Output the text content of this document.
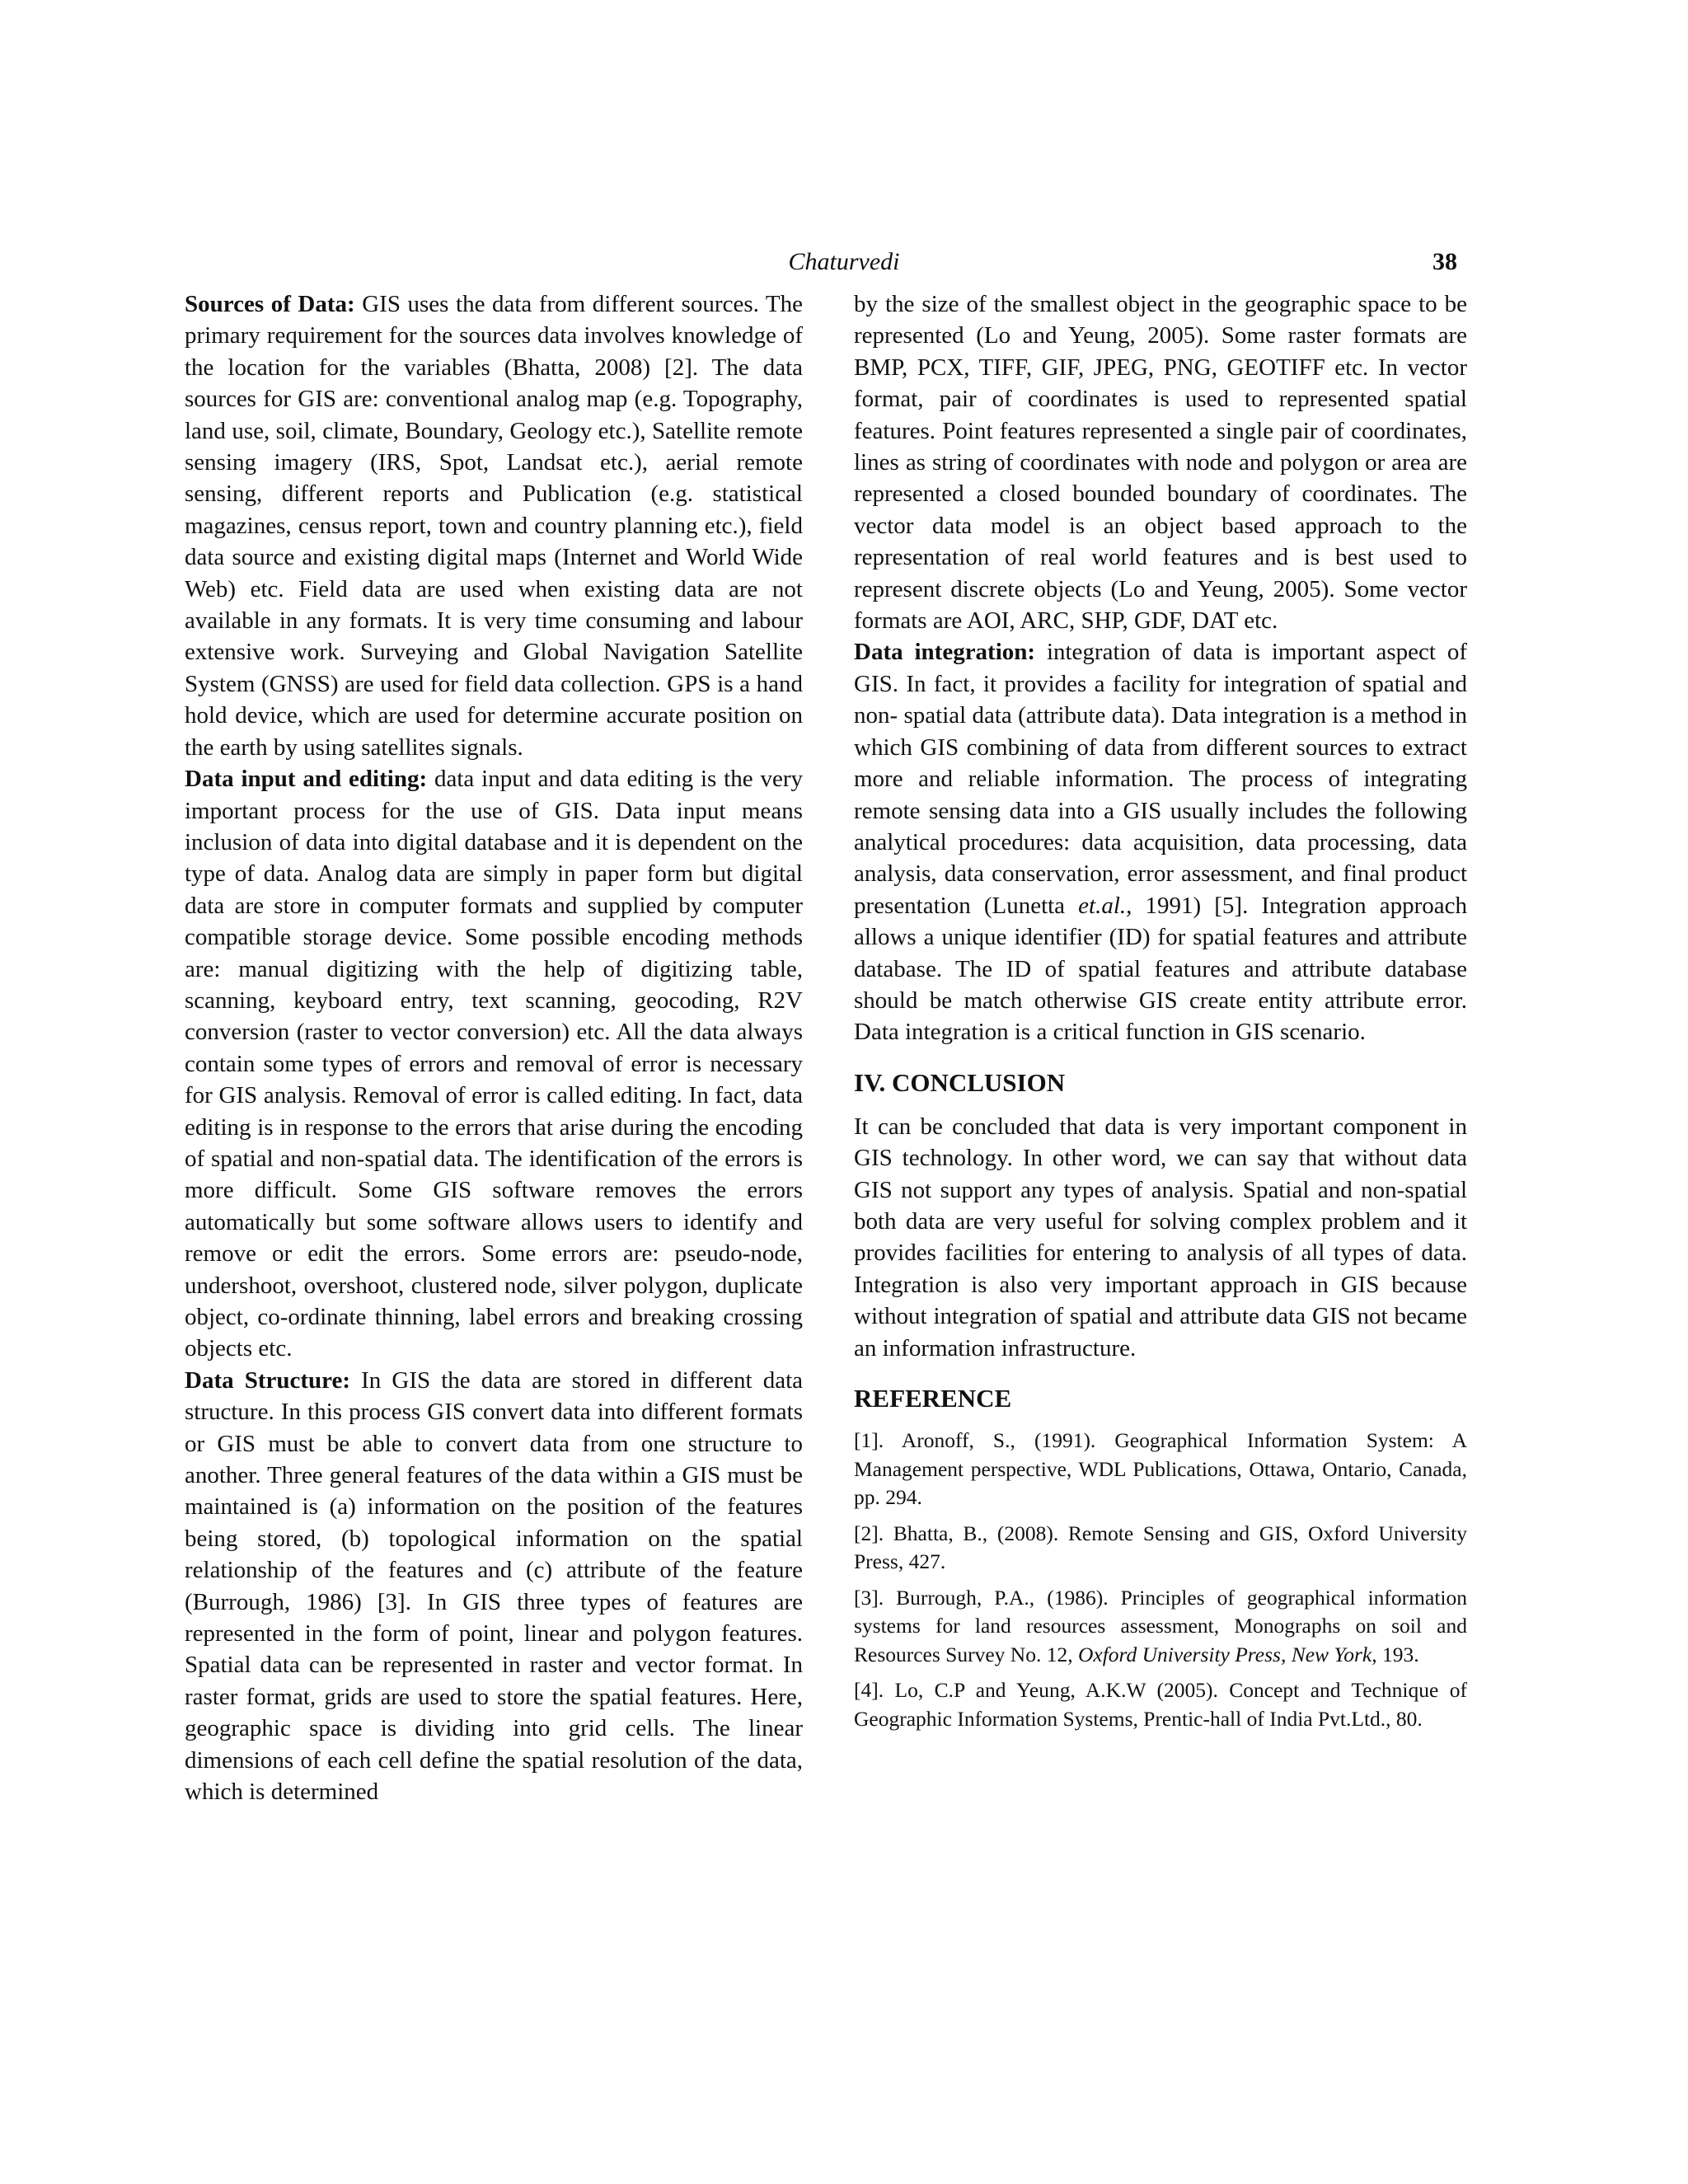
Chaturvedi	38

Sources of Data: GIS uses the data from different sources. The primary requirement for the sources data involves knowledge of the location for the variables (Bhatta, 2008) [2]. The data sources for GIS are: conventional analog map (e.g. Topography, land use, soil, climate, Boundary, Geology etc.), Satellite remote sensing imagery (IRS, Spot, Landsat etc.), aerial remote sensing, different reports and Publication (e.g. statistical magazines, census report, town and country planning etc.), field data source and existing digital maps (Internet and World Wide Web) etc. Field data are used when existing data are not available in any formats. It is very time consuming and labour extensive work. Surveying and Global Navigation Satellite System (GNSS) are used for field data collection. GPS is a hand hold device, which are used for determine accurate position on the earth by using satellites signals.

Data input and editing: data input and data editing is the very important process for the use of GIS. Data input means inclusion of data into digital database and it is dependent on the type of data. Analog data are simply in paper form but digital data are store in computer formats and supplied by computer compatible storage device. Some possible encoding methods are: manual digitizing with the help of digitizing table, scanning, keyboard entry, text scanning, geocoding, R2V conversion (raster to vector conversion) etc. All the data always contain some types of errors and removal of error is necessary for GIS analysis. Removal of error is called editing. In fact, data editing is in response to the errors that arise during the encoding of spatial and non-spatial data. The identification of the errors is more difficult. Some GIS software removes the errors automatically but some software allows users to identify and remove or edit the errors. Some errors are: pseudo-node, undershoot, overshoot, clustered node, silver polygon, duplicate object, co-ordinate thinning, label errors and breaking crossing objects etc.

Data Structure: In GIS the data are stored in different data structure. In this process GIS convert data into different formats or GIS must be able to convert data from one structure to another. Three general features of the data within a GIS must be maintained is (a) information on the position of the features being stored, (b) topological information on the spatial relationship of the features and (c) attribute of the feature (Burrough, 1986) [3]. In GIS three types of features are represented in the form of point, linear and polygon features. Spatial data can be represented in raster and vector format. In raster format, grids are used to store the spatial features. Here, geographic space is dividing into grid cells. The linear dimensions of each cell define the spatial resolution of the data, which is determined

by the size of the smallest object in the geographic space to be represented (Lo and Yeung, 2005). Some raster formats are BMP, PCX, TIFF, GIF, JPEG, PNG, GEOTIFF etc. In vector format, pair of coordinates is used to represented spatial features. Point features represented a single pair of coordinates, lines as string of coordinates with node and polygon or area are represented a closed bounded boundary of coordinates. The vector data model is an object based approach to the representation of real world features and is best used to represent discrete objects (Lo and Yeung, 2005). Some vector formats are AOI, ARC, SHP, GDF, DAT etc.

Data integration: integration of data is important aspect of GIS. In fact, it provides a facility for integration of spatial and non- spatial data (attribute data). Data integration is a method in which GIS combining of data from different sources to extract more and reliable information. The process of integrating remote sensing data into a GIS usually includes the following analytical procedures: data acquisition, data processing, data analysis, data conservation, error assessment, and final product presentation (Lunetta et.al., 1991) [5]. Integration approach allows a unique identifier (ID) for spatial features and attribute database. The ID of spatial features and attribute database should be match otherwise GIS create entity attribute error. Data integration is a critical function in GIS scenario.

IV. CONCLUSION

It can be concluded that data is very important component in GIS technology. In other word, we can say that without data GIS not support any types of analysis. Spatial and non-spatial both data are very useful for solving complex problem and it provides facilities for entering to analysis of all types of data. Integration is also very important approach in GIS because without integration of spatial and attribute data GIS not became an information infrastructure.

REFERENCE
[1]. Aronoff, S., (1991). Geographical Information System: A Management perspective, WDL Publications, Ottawa, Ontario, Canada, pp. 294.
[2]. Bhatta, B., (2008). Remote Sensing and GIS, Oxford University Press, 427.
[3]. Burrough, P.A., (1986). Principles of geographical information systems for land resources assessment, Monographs on soil and Resources Survey No. 12, Oxford University Press, New York, 193.
[4]. Lo, C.P and Yeung, A.K.W (2005). Concept and Technique of Geographic Information Systems, Prentic-hall of India Pvt.Ltd., 80.
